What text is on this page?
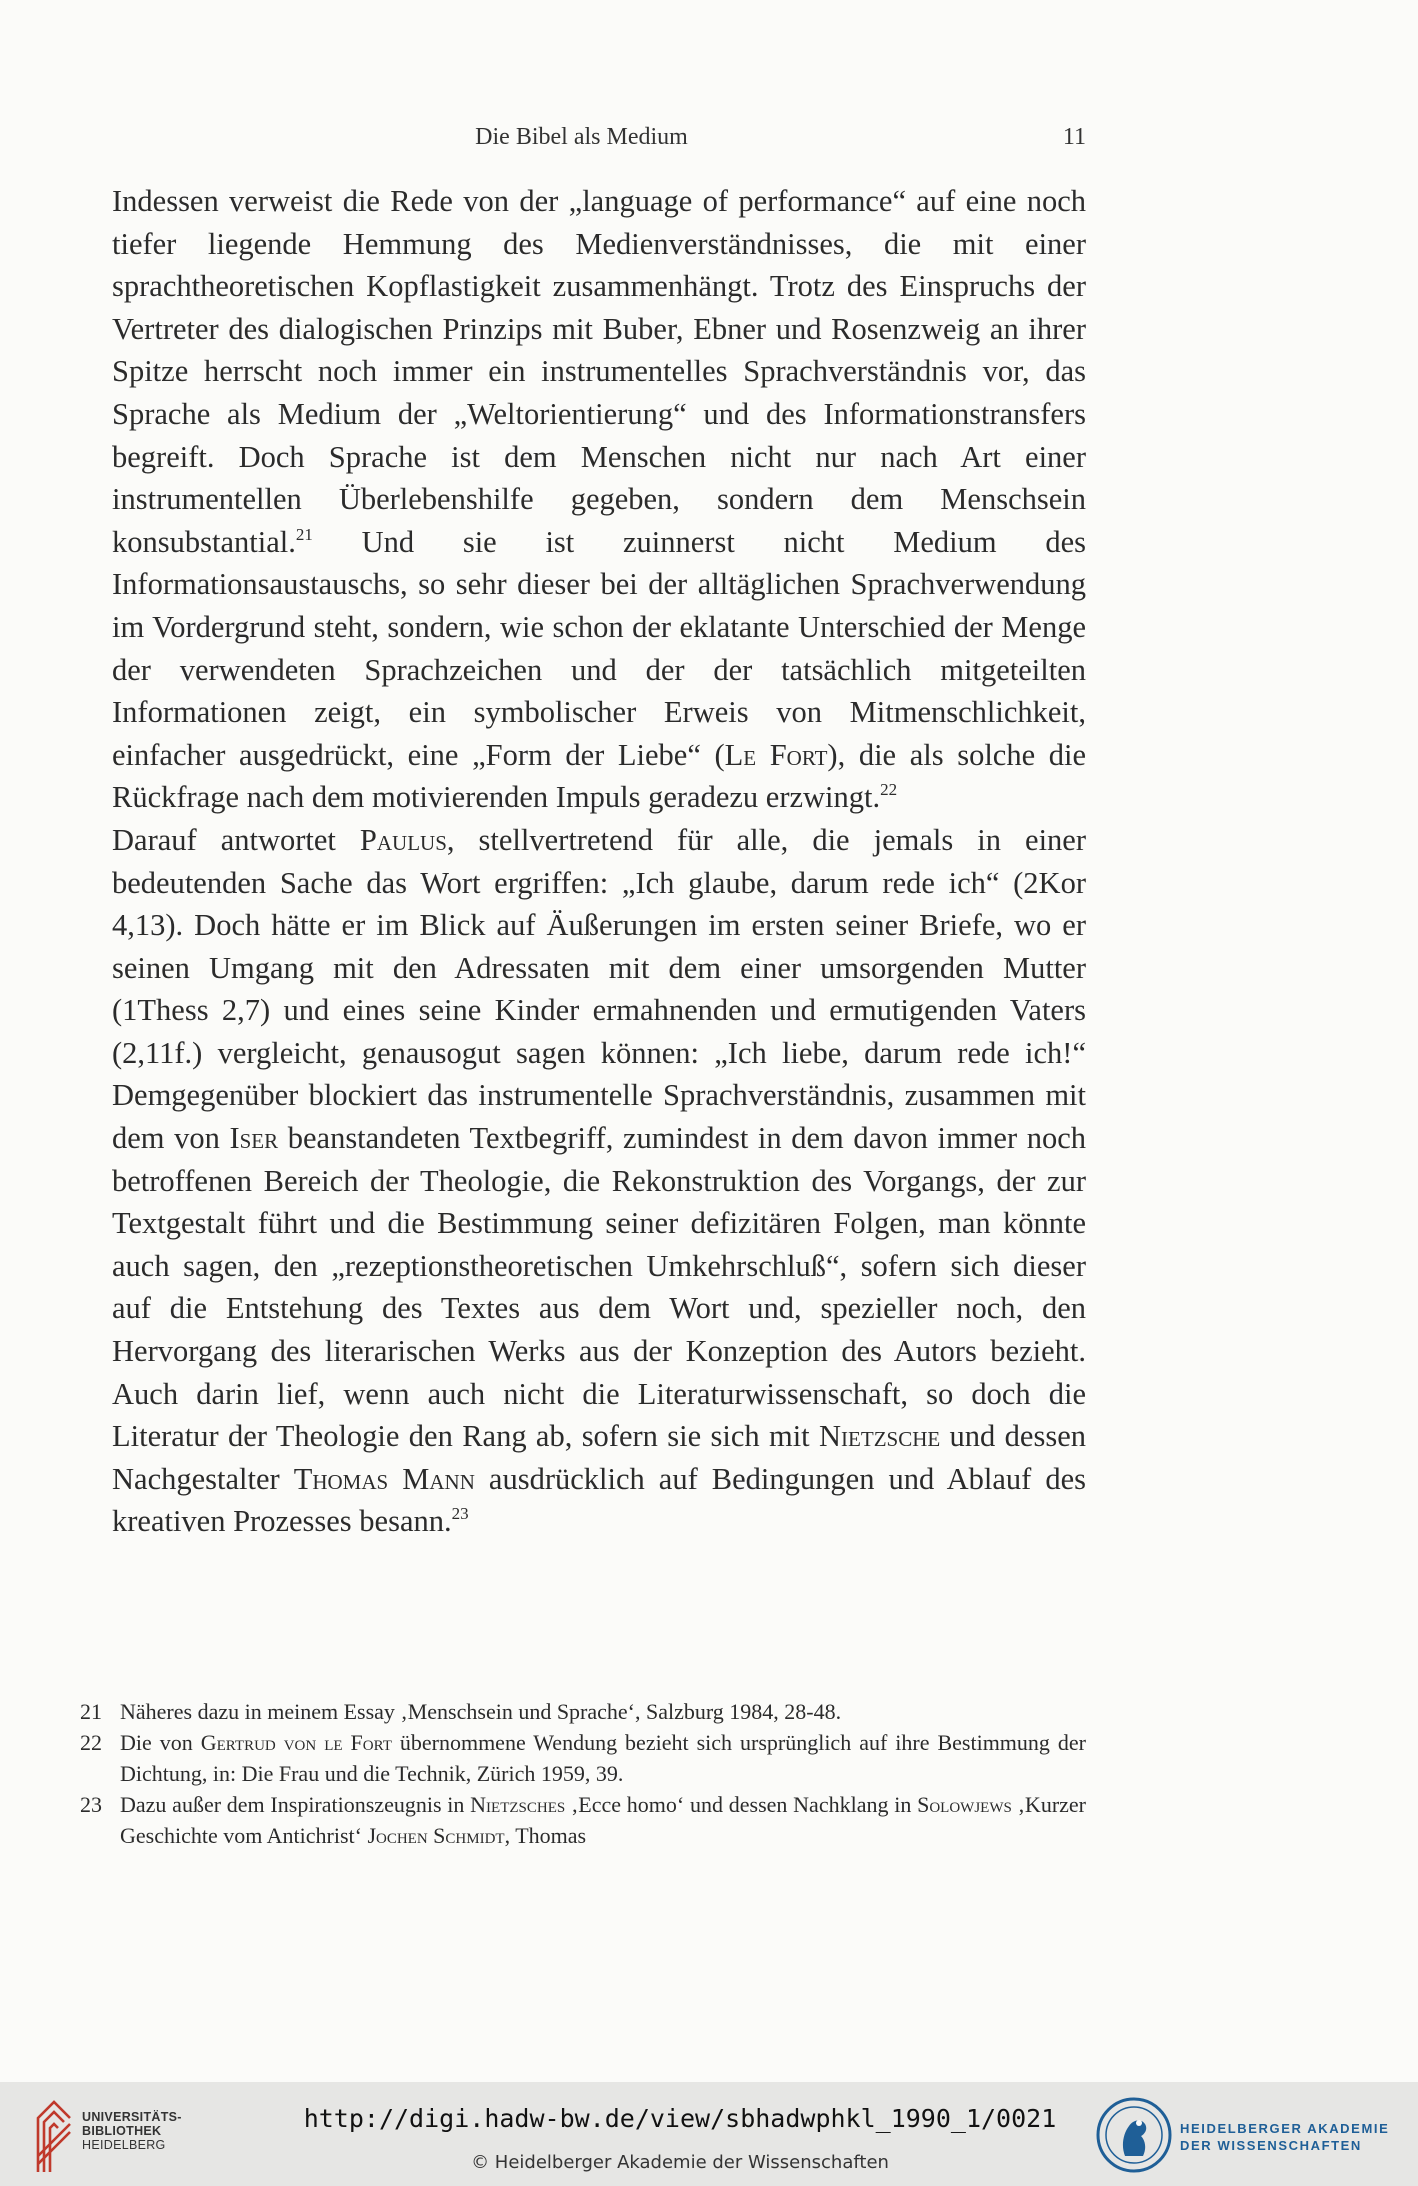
Die Bibel als Medium	11

Indessen verweist die Rede von der „language of performance“ auf eine noch tiefer liegende Hemmung des Medienverständnisses, die mit einer sprachtheoretischen Kopflastigkeit zusammenhängt. Trotz des Einspruchs der Vertreter des dialogischen Prinzips mit Buber, Ebner und Rosenzweig an ihrer Spitze herrscht noch immer ein instrumentelles Sprachverständnis vor, das Sprache als Medium der „Weltorientierung“ und des Informationstransfers begreift. Doch Sprache ist dem Menschen nicht nur nach Art einer instrumentellen Überlebenshilfe gegeben, sondern dem Menschsein konsubstantial.$^{21}$ Und sie ist zuinnerst nicht Medium des Informationsaustauschs, so sehr dieser bei der alltäglichen Sprachverwendung im Vordergrund steht, sondern, wie schon der eklatante Unterschied der Menge der verwendeten Sprachzeichen und der der tatsächlich mitgeteilten Informationen zeigt, ein symbolischer Erweis von Mitmenschlichkeit, einfacher ausgedrückt, eine „Form der Liebe“ (Le Fort), die als solche die Rückfrage nach dem motivierenden Impuls geradezu erzwingt.$^{22}$

Darauf antwortet Paulus, stellvertretend für alle, die jemals in einer bedeutenden Sache das Wort ergriffen: „Ich glaube, darum rede ich“ (2Kor 4,13). Doch hätte er im Blick auf Äußerungen im ersten seiner Briefe, wo er seinen Umgang mit den Adressaten mit dem einer umsorgenden Mutter (1Thess 2,7) und eines seine Kinder ermahnenden und ermutigenden Vaters (2,11f.) vergleicht, genausogut sagen können: „Ich liebe, darum rede ich!“ Demgegenüber blockiert das instrumentelle Sprachverständnis, zusammen mit dem von Iser beanstandeten Textbegriff, zumindest in dem davon immer noch betroffenen Bereich der Theologie, die Rekonstruktion des Vorgangs, der zur Textgestalt führt und die Bestimmung seiner defizitären Folgen, man könnte auch sagen, den „rezeptionstheoretischen Umkehrschluß“, sofern sich dieser auf die Entstehung des Textes aus dem Wort und, spezieller noch, den Hervorgang des literarischen Werks aus der Konzeption des Autors bezieht. Auch darin lief, wenn auch nicht die Literaturwissenschaft, so doch die Literatur der Theologie den Rang ab, sofern sie sich mit Nietzsche und dessen Nachgestalter Thomas Mann ausdrücklich auf Bedingungen und Ablauf des kreativen Prozesses besann.$^{23}$

21 Näheres dazu in meinem Essay ‚Menschsein und Sprache‘, Salzburg 1984, 28-48.
22 Die von Gertrud von le Fort übernommene Wendung bezieht sich ursprünglich auf ihre Bestimmung der Dichtung, in: Die Frau und die Technik, Zürich 1959, 39.
23 Dazu außer dem Inspirationszeugnis in Nietzsches ‚Ecce homo‘ und dessen Nachklang in Solowjews ‚Kurzer Geschichte vom Antichrist‘ Jochen Schmidt, Thomas
UNIVERSITÄTS-
BIBLIOTHEK
HEIDELBERG
http://digi.hadw-bw.de/view/sbhadwphkl_1990_1/0021
© Heidelberger Akademie der Wissenschaften
HEIDELBERGER AKADEMIE
DER WISSENSCHAFTEN
